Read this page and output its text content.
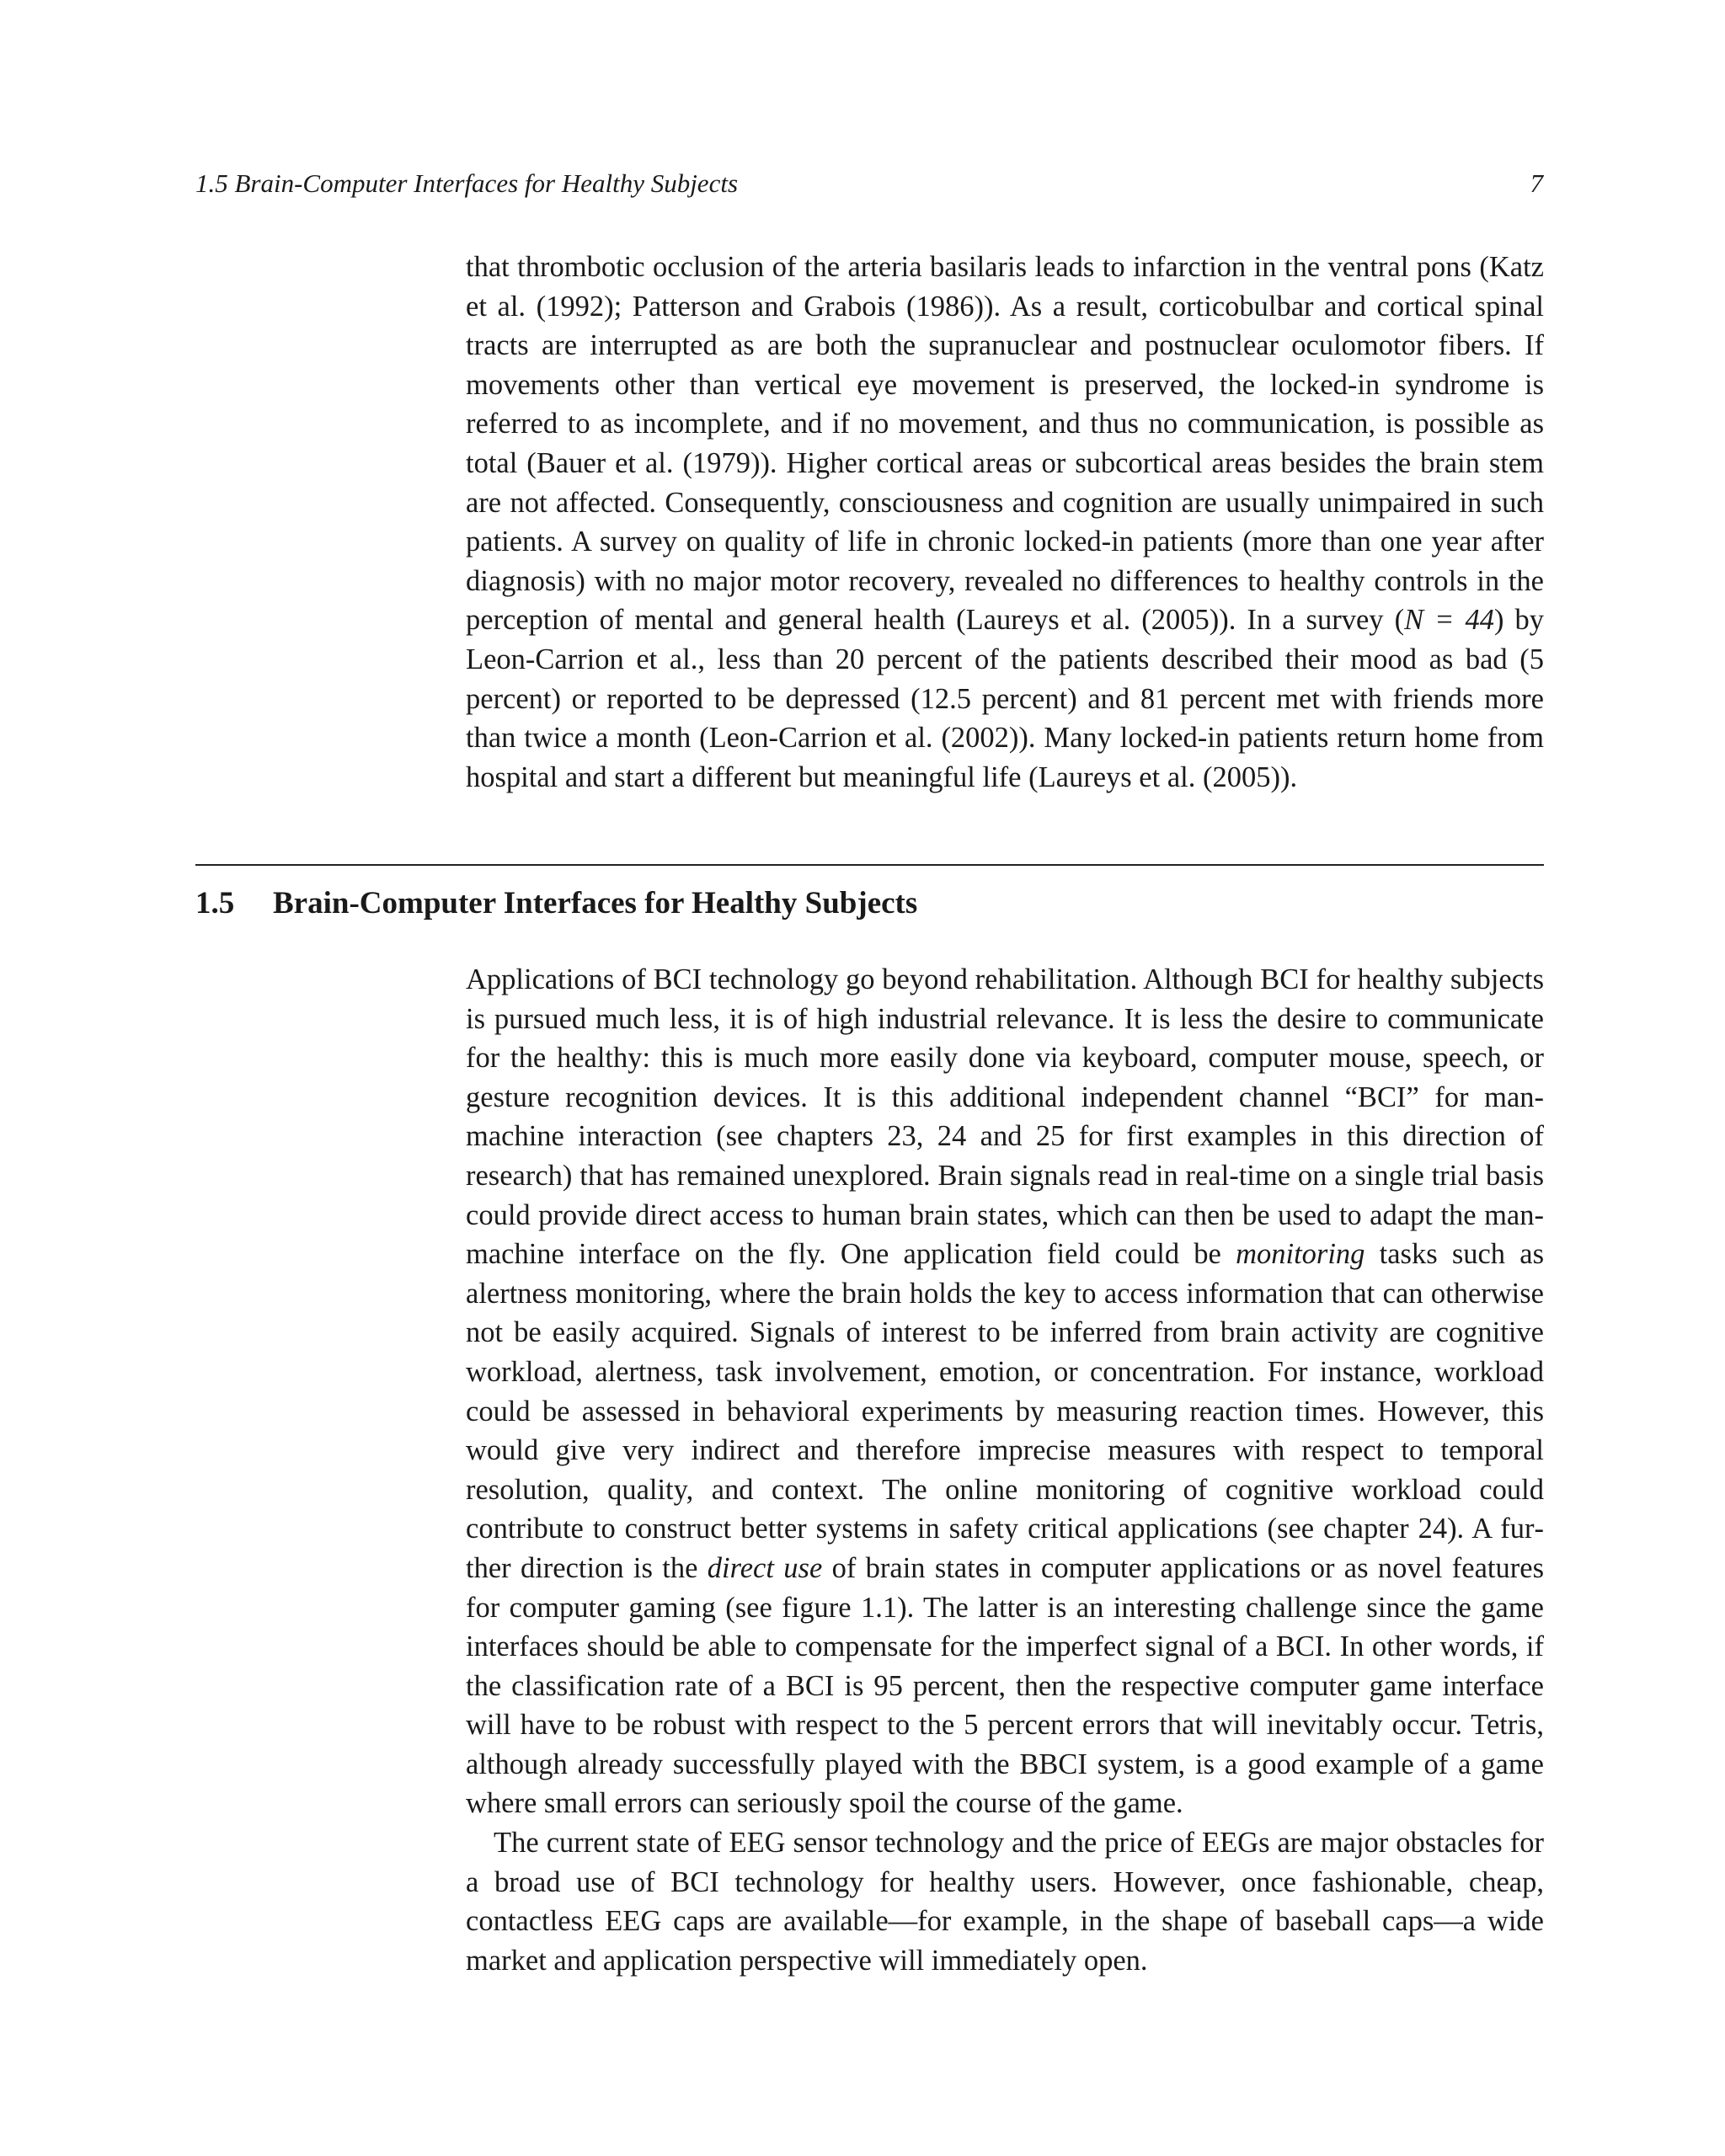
1.5 Brain-Computer Interfaces for Healthy Subjects	7

that thrombotic occlusion of the arteria basilaris leads to infarction in the ventral pons (Katz et al. (1992); Patterson and Grabois (1986)). As a result, corticobulbar and cortical spinal tracts are interrupted as are both the supranuclear and postnuclear oculomotor fibers. If movements other than vertical eye movement is preserved, the locked-in syndrome is referred to as incomplete, and if no movement, and thus no communication, is possible as total (Bauer et al. (1979)). Higher cortical areas or subcortical areas besides the brain stem are not affected. Consequently, consciousness and cognition are usually unimpaired in such patients. A survey on quality of life in chronic locked-in patients (more than one year after diagnosis) with no major motor recovery, revealed no differences to healthy controls in the perception of mental and general health (Laureys et al. (2005)). In a survey (N = 44) by Leon-Carrion et al., less than 20 percent of the patients described their mood as bad (5 percent) or reported to be depressed (12.5 percent) and 81 percent met with friends more than twice a month (Leon-Carrion et al. (2002)). Many locked-in patients return home from hospital and start a different but meaningful life (Laureys et al. (2005)).

1.5 Brain-Computer Interfaces for Healthy Subjects

Applications of BCI technology go beyond rehabilitation. Although BCI for healthy subjects is pursued much less, it is of high industrial relevance. It is less the desire to communicate for the healthy: this is much more easily done via keyboard, computer mouse, speech, or gesture recognition devices. It is this additional independent channel “BCI” for man-machine interaction (see chapters 23, 24 and 25 for first examples in this direction of research) that has remained unexplored. Brain signals read in real-time on a single trial basis could provide direct access to human brain states, which can then be used to adapt the man-machine interface on the fly. One application field could be monitoring tasks such as alertness monitoring, where the brain holds the key to access information that can otherwise not be easily acquired. Signals of interest to be inferred from brain activity are cognitive workload, alertness, task involvement, emotion, or concentration. For instance, workload could be assessed in behavioral experiments by measuring reaction times. However, this would give very indirect and therefore imprecise measures with respect to temporal resolution, quality, and context. The online monitoring of cognitive workload could contribute to construct better systems in safety critical applications (see chapter 24). A further direction is the direct use of brain states in computer applications or as novel features for computer gaming (see figure 1.1). The latter is an interesting challenge since the game interfaces should be able to compensate for the imperfect signal of a BCI. In other words, if the classification rate of a BCI is 95 percent, then the respective computer game interface will have to be robust with respect to the 5 percent errors that will inevitably occur. Tetris, although already successfully played with the BBCI system, is a good example of a game where small errors can seriously spoil the course of the game.

The current state of EEG sensor technology and the price of EEGs are major obstacles for a broad use of BCI technology for healthy users. However, once fashionable, cheap, contactless EEG caps are available—for example, in the shape of baseball caps—a wide market and application perspective will immediately open.
